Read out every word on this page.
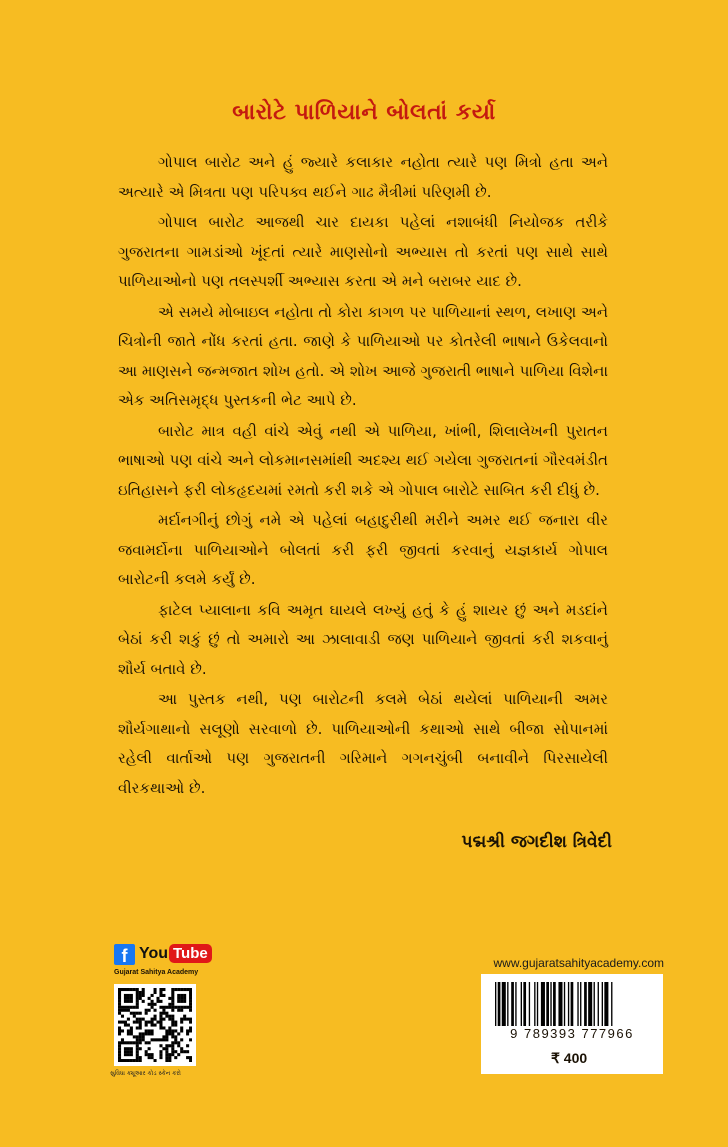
બારોટે પાળિયાને બોલતાં કર્યા

ગોપાલ બારોટ અને હું જ્યારે કલાકાર નહોતા ત્યારે પણ મિત્રો હતા અને અત્યારે એ મિત્રતા પણ પરિપક્વ થઈને ગાઢ મૈત્રીમાં પરિણમી છે.

ગોપાલ બારોટ આજથી ચાર દાયકા પહેલાં નશાબંધી નિયોજક તરીકે ગુજરાતના ગામડાંઓ ખૂંદતાં ત્યારે માણસોનો અભ્યાસ તો કરતાં પણ સાથે સાથે પાળિયાઓનો પણ તલસ્પર્શી અભ્યાસ કરતા એ મને બરાબર યાદ છે.

એ સમયે મોબાઇલ નહોતા તો કોરા કાગળ પર પાળિયાનાં સ્થળ, લખાણ અને ચિત્રોની જાતે નોંધ કરતાં હતા. જાણે કે પાળિયાઓ પર કોતરેલી ભાષાને ઉકેલવાનો આ માણસને જન્મજાત શોખ હતો. એ શોખ આજે ગુજરાતી ભાષાને પાળિયા વિશેના એક અતિસમૃદ્ધ પુસ્તકની ભેટ આપે છે.

બારોટ માત્ર વહી વાંચે એવું નથી એ પાળિયા, ખાંભી, શિલાલેખની પુરાતન ભાષાઓ પણ વાંચે અને લોકમાનસમાંથી અદશ્ય થઈ ગયેલા ગુજરાતનાં ગૌરવમંડીત ઇતિહાસને ફરી લોકહૃદયમાં રમતો કરી શકે એ ગોપાલ બારોટે સાબિત કરી દીધું છે.

મર્દાનગીનું છોગું નમે એ પહેલાં બહાદુરીથી મરીને અમર થઈ જનારા વીર જવામર્દોના પાળિયાઓને બોલતાં કરી ફરી જીવતાં કરવાનું યજ્ઞકાર્ય ગોપાલ બારોટની કલમે કર્યું છે.

ફાટેલ પ્યાલાના કવિ અમૃત ઘાયલે લખ્યું હતું કે હું શાયર છું અને મડદાંને બેઠાં કરી શકું છું તો અમારો આ ઝાલાવાડી જણ પાળિયાને જીવતાં કરી શકવાનું શૌર્ય બતાવે છે.

આ પુસ્તક નથી, પણ બારોટની કલમે બેઠાં થયેલાં પાળિયાની અમર શૌર્યગાથાનો સલૂણો સરવાળો છે. પાળિયાઓની કથાઓ સાથે બીજા સોપાનમાં રહેલી વાર્તાઓ પણ ગુજરાતની ગરિમાને ગગનચુંબી બનાવીને પિરસાયેલી વીરકથાઓ છે.

પદ્મશ્રી જગદીશ ત્રિવેદી
f You Tube
Gujarat Sahitya Academy
સુવિધા ક્યૂઆર કોડ સ્કેન કરો
www.gujaratsahityacademy.com
9 789393 777966
₹ 400
